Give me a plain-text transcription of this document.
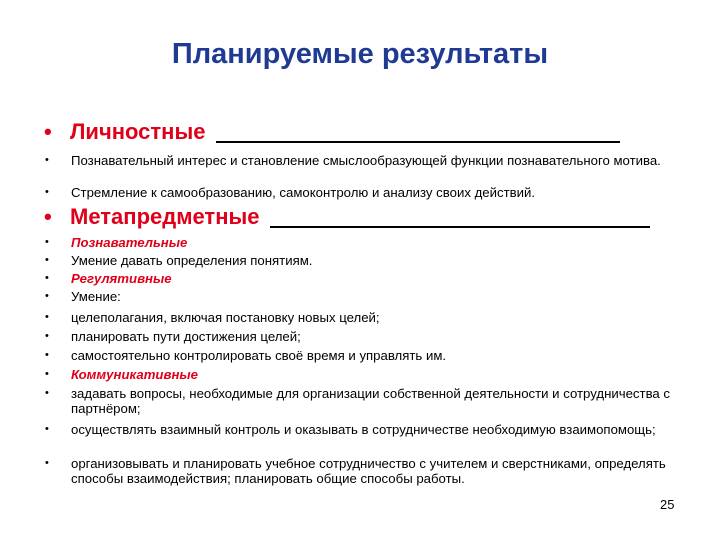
Планируемые результаты
• Личностные
•	Познавательный интерес и становление смыслообразующей функции познавательного мотива.
•	Стремление к самообразованию, самоконтролю и анализу своих действий.
• Метапредметные
•	Познавательные
•	Умение давать определения понятиям.
•	Регулятивные
•	Умение:
•	целеполагания, включая постановку новых целей;
•	планировать пути достижения целей;
•	самостоятельно контролировать своё время и управлять им.
•	Коммуникативные
•	задавать вопросы, необходимые для организации собственной деятельности и сотрудничества с партнёром;
•	осуществлять взаимный контроль и оказывать в сотрудничестве необходимую взаимопомощь;
•	организовывать и планировать учебное сотрудничество с учителем и сверстниками, определять способы взаимодействия; планировать общие способы работы.
25
